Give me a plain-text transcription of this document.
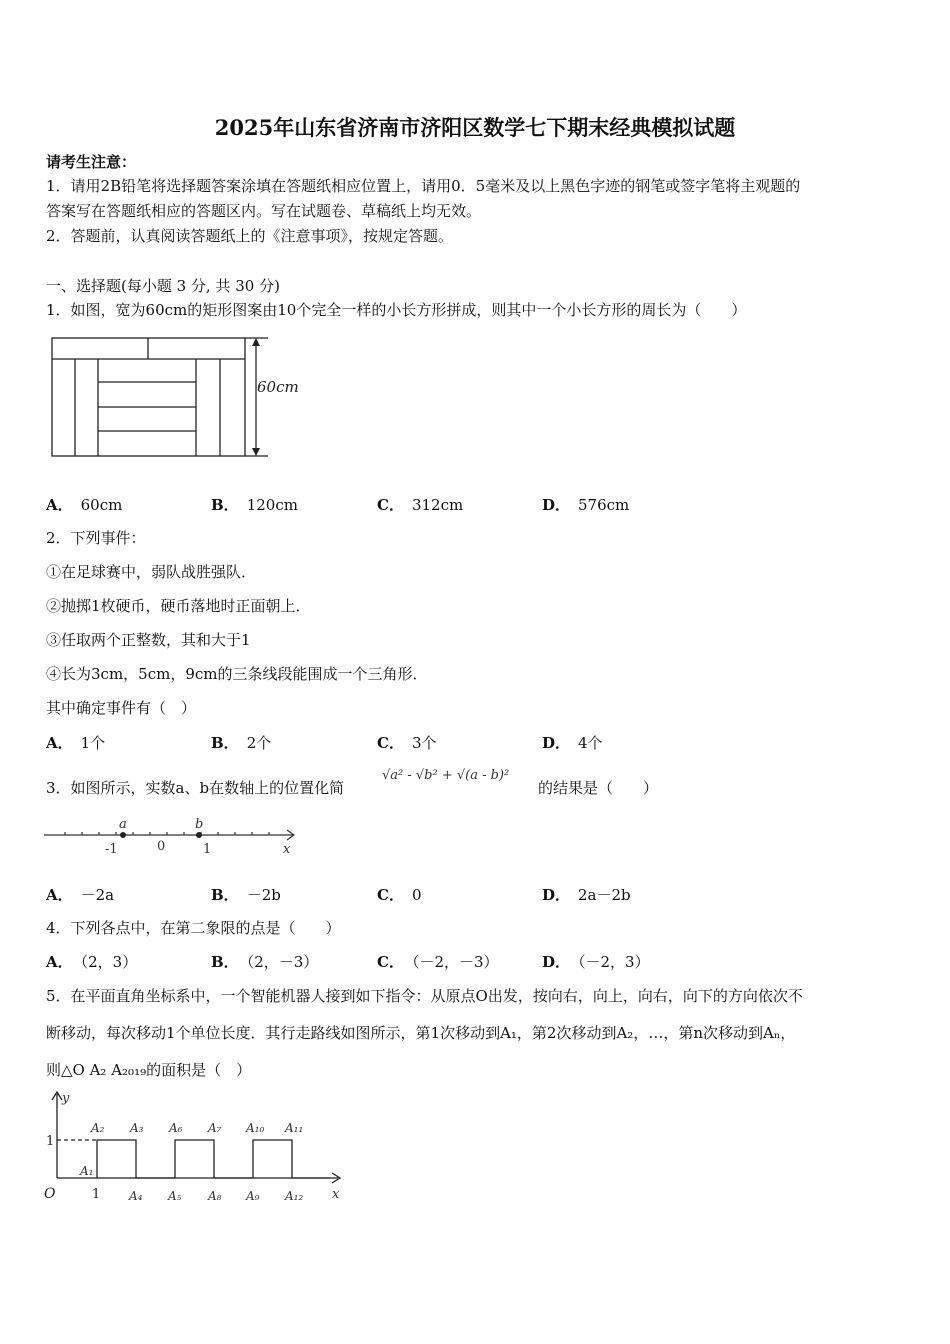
2025年山东省济南市济阳区数学七下期末经典模拟试题
请考生注意：
1．请用2B铅笔将选择题答案涂填在答题纸相应位置上，请用0．5毫米及以上黑色字迹的钢笔或签字笔将主观题的
答案写在答题纸相应的答题区内。写在试题卷、草稿纸上均无效。
2．答题前，认真阅读答题纸上的《注意事项》，按规定答题。
一、选择题(每小题 3 分, 共 30 分)
1．如图，宽为60cm的矩形图案由10个完全一样的小长方形拼成，则其中一个小长方形的周长为（　　）
60cm
A． 60cm	B． 120cm	C． 312cm	D． 576cm
2．下列事件：
①在足球赛中，弱队战胜强队．
②抛掷1枚硬币，硬币落地时正面朝上．
③任取两个正整数，其和大于1
④长为3cm，5cm，9cm的三条线段能围成一个三角形．
其中确定事件有（　）
A． 1个	B． 2个	C． 3个	D． 4个
3．如图所示，实数a、b在数轴上的位置化简
√a² - √b² + √(a - b)²
的结果是（　　）
a	b
-1	0	1	x
A． －2a	B． －2b	C． 0	D． 2a－2b
4．下列各点中，在第二象限的点是（　　）
A． （2，3）	B． （2，－3）	C． （－2，－3）	D． （－2，3）
5．在平面直角坐标系中，一个智能机器人接到如下指令：从原点O出发，按向右，向上，向右，向下的方向依次不
断移动，每次移动1个单位长度．其行走路线如图所示，第1次移动到A₁，第2次移动到A₂，…，第n次移动到Aₙ，
则△O A₂ A₂₀₁₉的面积是（　）
y
x
O
1
1
A₁
A₂ A₃
A₄ A₅
A₆ A₇
A₈ A₉
A₁₀ A₁₁
A₁₂
